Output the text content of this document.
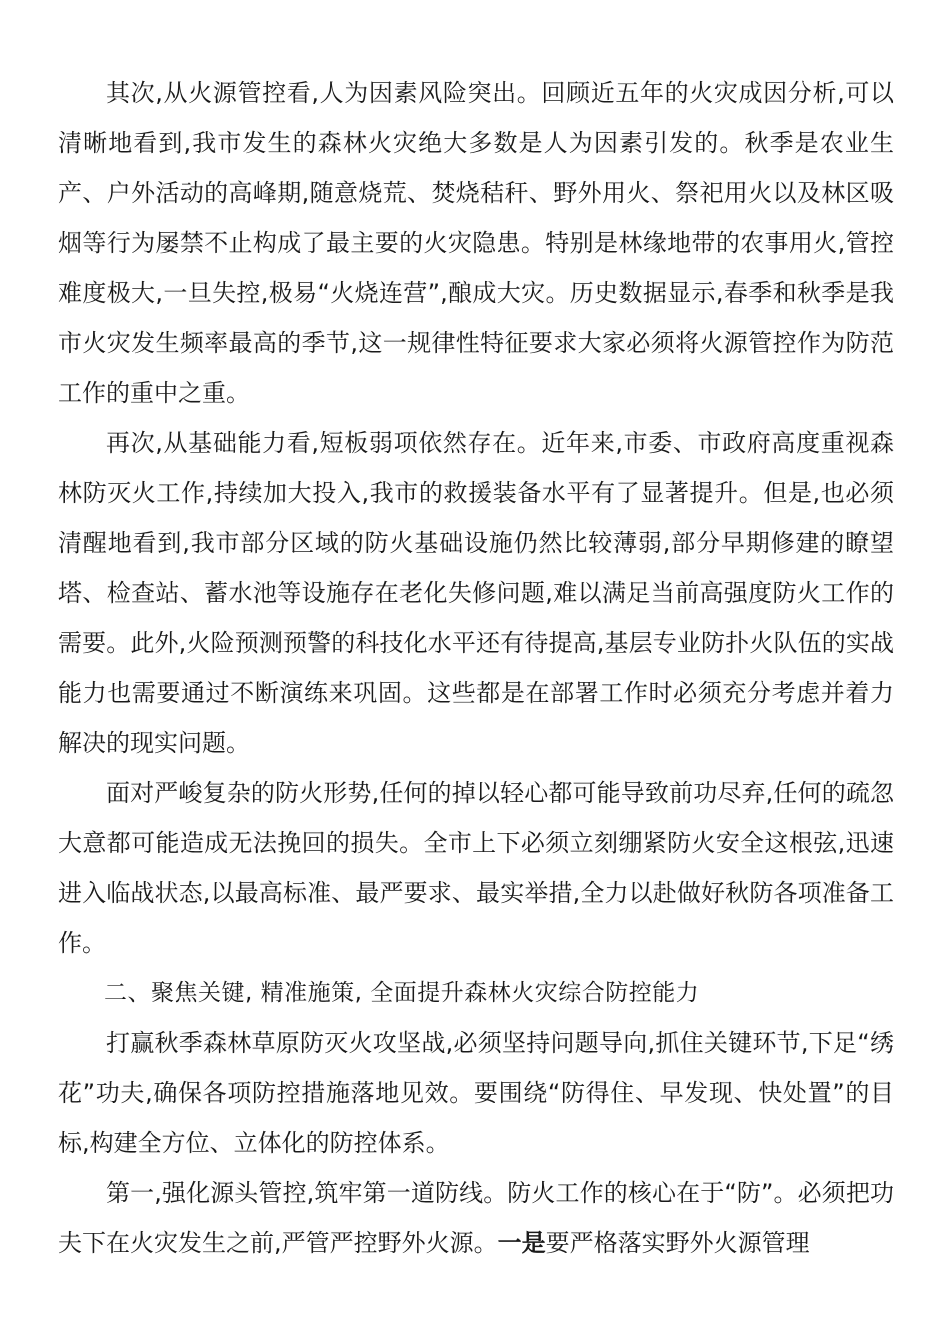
其次,从火源管控看,人为因素风险突出。回顾近五年的火灾成因分析,可以清晰地看到,我市发生的森林火灾绝大多数是人为因素引发的。秋季是农业生产、户外活动的高峰期,随意烧荒、焚烧秸秆、野外用火、祭祀用火以及林区吸烟等行为屡禁不止构成了最主要的火灾隐患。特别是林缘地带的农事用火,管控难度极大,一旦失控,极易“火烧连营”,酿成大灾。历史数据显示,春季和秋季是我市火灾发生频率最高的季节,这一规律性特征要求大家必须将火源管控作为防范工作的重中之重。

再次,从基础能力看,短板弱项依然存在。近年来,市委、市政府高度重视森林防灭火工作,持续加大投入,我市的救援装备水平有了显著提升。但是,也必须清醒地看到,我市部分区域的防火基础设施仍然比较薄弱,部分早期修建的瞭望塔、检查站、蓄水池等设施存在老化失修问题,难以满足当前高强度防火工作的需要。此外,火险预测预警的科技化水平还有待提高,基层专业防扑火队伍的实战能力也需要通过不断演练来巩固。这些都是在部署工作时必须充分考虑并着力解决的现实问题。

面对严峻复杂的防火形势,任何的掉以轻心都可能导致前功尽弃,任何的疏忽大意都可能造成无法挽回的损失。全市上下必须立刻绷紧防火安全这根弦,迅速进入临战状态,以最高标准、最严要求、最实举措,全力以赴做好秋防各项准备工作。

二、聚焦关键, 精准施策, 全面提升森林火灾综合防控能力

打赢秋季森林草原防灭火攻坚战,必须坚持问题导向,抓住关键环节,下足“绣花”功夫,确保各项防控措施落地见效。要围绕“防得住、早发现、快处置”的目标,构建全方位、立体化的防控体系。

第一,强化源头管控,筑牢第一道防线。防火工作的核心在于“防”。必须把功夫下在火灾发生之前,严管严控野外火源。一是要严格落实野外火源管理
